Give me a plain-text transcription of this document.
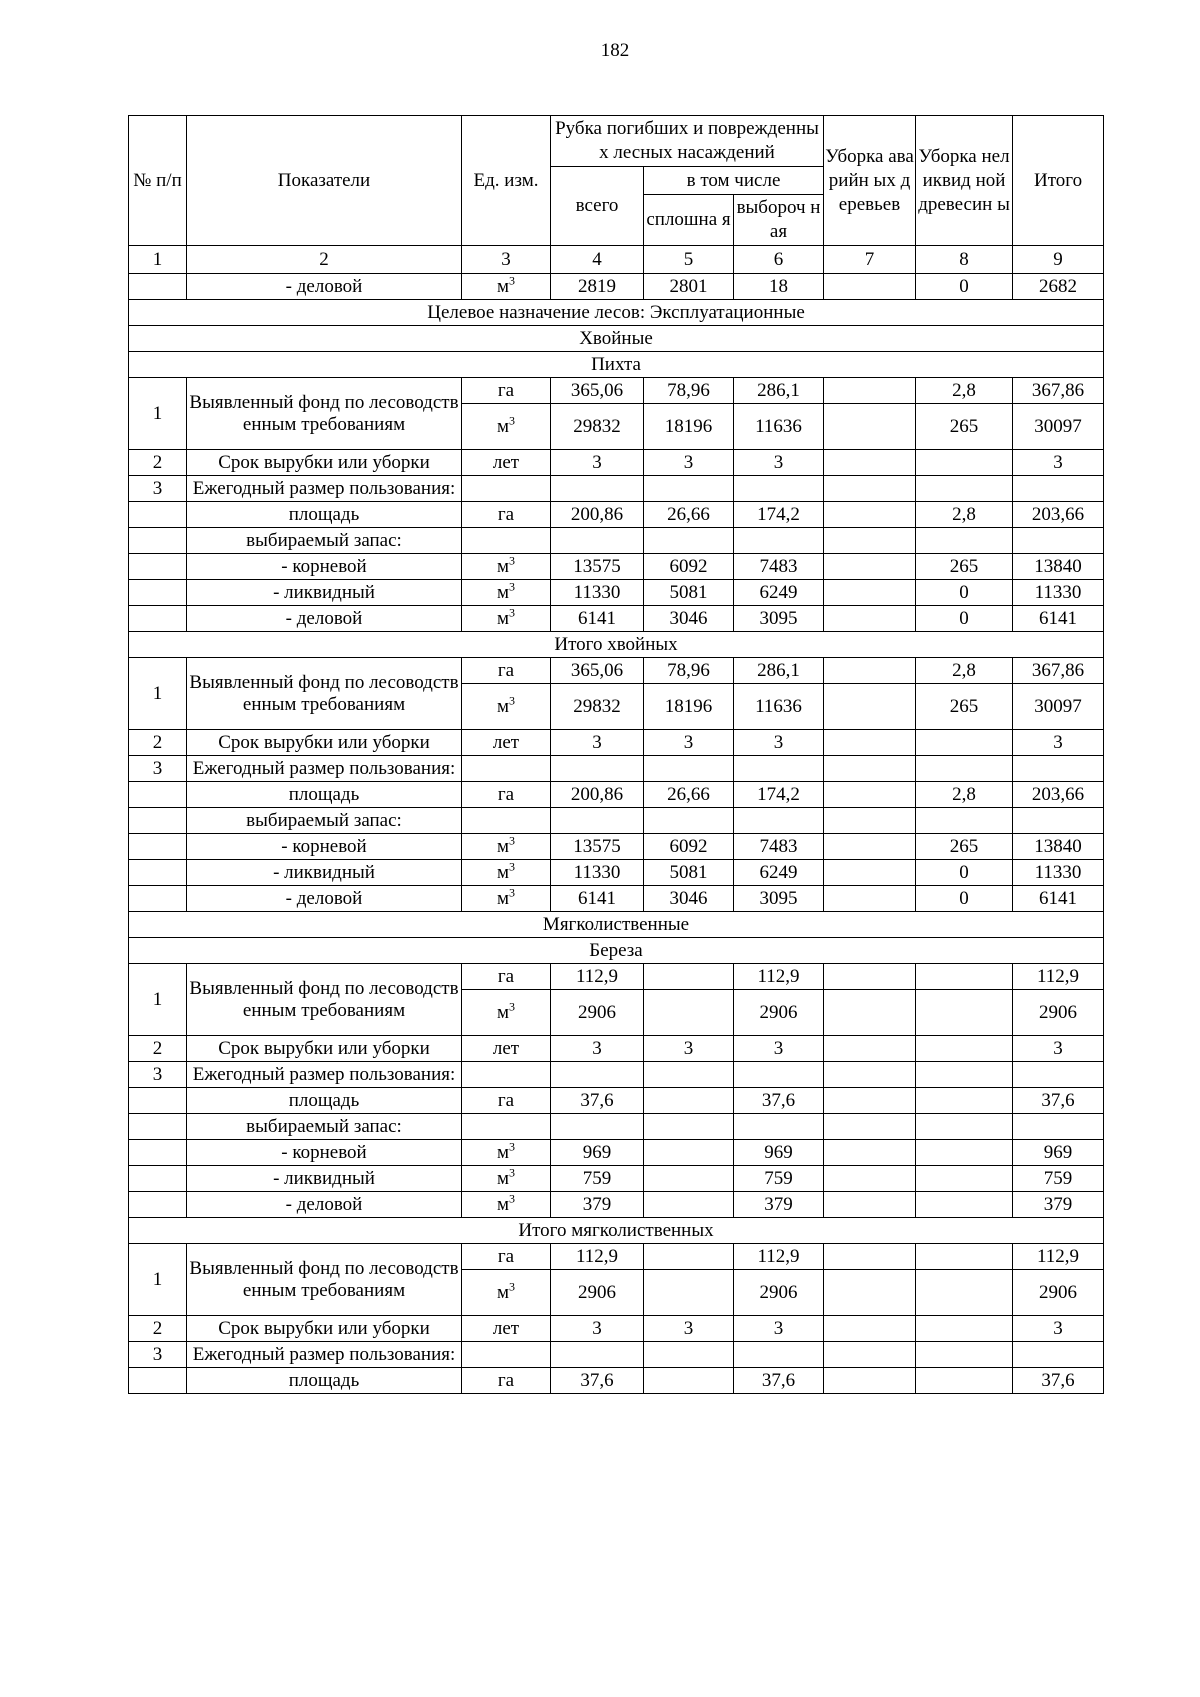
182
№ п/п	Показатели	Ед. изм.	Рубка погибших и поврежденных лесных насаждений			Уборка аварийн ых деревьев	Уборка неликвид ной древесин ы	Итого
			всего	в том числе				
				сплошна я	выбороч ная			
1	2	3	4	5	6	7	8	9
	- деловой	$м^3$	2819	2801	18		0	2682
Целевое назначение лесов: Эксплуатационные								
Хвойные								
Пихта								
1	Выявленный фонд по лесоводственным требованиям	га	365,06	78,96	286,1		2,8	367,86
		$м^3$	29832	18196	11636		265	30097
2	Срок вырубки или уборки	лет	3	3	3			3
3	Ежегодный размер пользования:							
	площадь	га	200,86	26,66	174,2		2,8	203,66
	выбираемый запас:							
	- корневой	$м^3$	13575	6092	7483		265	13840
	- ликвидный	$м^3$	11330	5081	6249		0	11330
	- деловой	$м^3$	6141	3046	3095		0	6141
Итого хвойных								
1	Выявленный фонд по лесоводственным требованиям	га	365,06	78,96	286,1		2,8	367,86
		$м^3$	29832	18196	11636		265	30097
2	Срок вырубки или уборки	лет	3	3	3			3
3	Ежегодный размер пользования:							
	площадь	га	200,86	26,66	174,2		2,8	203,66
	выбираемый запас:							
	- корневой	$м^3$	13575	6092	7483		265	13840
	- ликвидный	$м^3$	11330	5081	6249		0	11330
	- деловой	$м^3$	6141	3046	3095		0	6141
Мягколиственные								
Береза								
1	Выявленный фонд по лесоводственным требованиям	га	112,9		112,9			112,9
		$м^3$	2906		2906			2906
2	Срок вырубки или уборки	лет	3	3	3			3
3	Ежегодный размер пользования:							
	площадь	га	37,6		37,6			37,6
	выбираемый запас:							
	- корневой	$м^3$	969		969			969
	- ликвидный	$м^3$	759		759			759
	- деловой	$м^3$	379		379			379
Итого мягколиственных								
1	Выявленный фонд по лесоводственным требованиям	га	112,9		112,9			112,9
		$м^3$	2906		2906			2906
2	Срок вырубки или уборки	лет	3	3	3			3
3	Ежегодный размер пользования:							
	площадь	га	37,6		37,6			37,6
